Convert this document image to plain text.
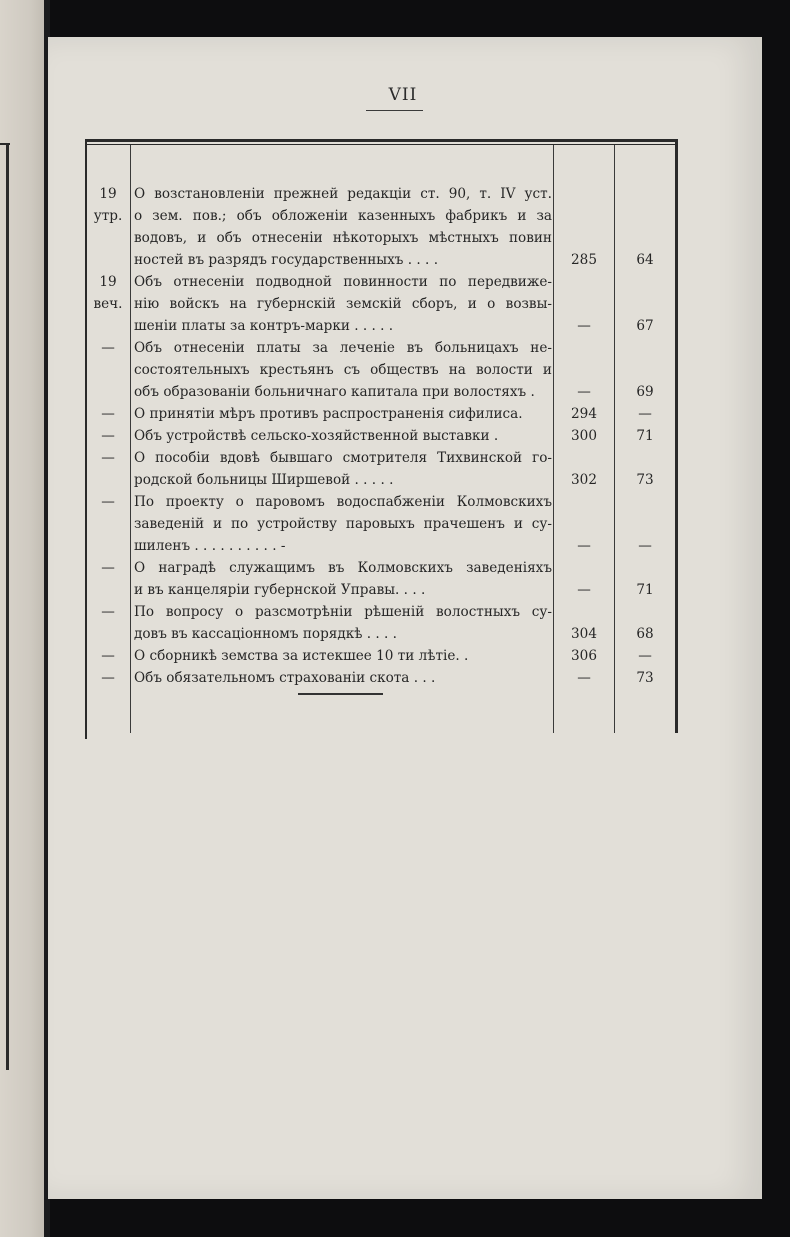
VII
19	О возстановленіи прежней редакціи ст. 90, т. IV уст.
утр. о зем. пов.; объ обложеніи казенныхъ фабрикъ и за
водовъ, и объ отнесеніи нѣкоторыхъ мѣстныхъ повин
ностей въ разрядъ государственныхъ . . . .	285	64
19	Объ отнесеніи подводной повинности по передвиже-
веч. нію войскъ на губернскій земскій сборъ, и о возвы-
шеніи платы за контръ-марки . . . . .	—	67
—	Объ отнесеніи платы за леченіе въ больницахъ не-
состоятельныхъ крестьянъ съ обществъ на волости и
объ образованіи больничнаго капитала при волостяхъ .	—	69
—	О принятіи мѣръ противъ распространенія сифилиса.	294	—
—	Объ устройствѣ сельско-хозяйственной выставки .	300	71
—	О пособіи вдовѣ бывшаго смотрителя Тихвинской го-
родской больницы Ширшевой . . . . .	302	73
—	По проекту о паровомъ водоспабженіи Колмовскихъ
заведеній и по устройству паровыхъ прачешенъ и су-
шиленъ . . . . . . . . . . -	—	—
—	О наградѣ служащимъ въ Колмовскихъ заведеніяхъ
и въ канцеляріи губернской Управы. . . .	—	71
—	По вопросу о разсмотрѣніи рѣшеній волостныхъ су-
довъ въ кассаціонномъ порядкѣ . . . .	304	68
—	О сборникѣ земства за истекшее 10 ти лѣтіе. .	306	—
—	Объ обязательномъ страхованіи скота . . .	—	73
